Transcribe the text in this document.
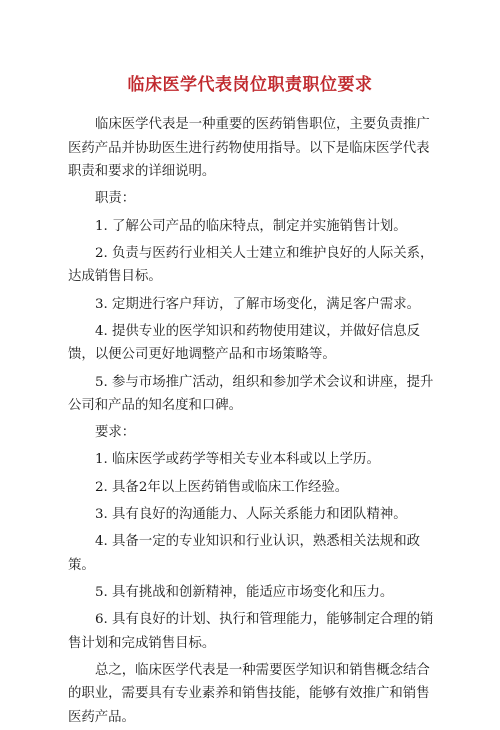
临床医学代表岗位职责职位要求

临床医学代表是一种重要的医药销售职位，主要负责推广医药产品并协助医生进行药物使用指导。以下是临床医学代表职责和要求的详细说明。

职责：

1. 了解公司产品的临床特点，制定并实施销售计划。

2. 负责与医药行业相关人士建立和维护良好的人际关系，达成销售目标。

3. 定期进行客户拜访，了解市场变化，满足客户需求。

4. 提供专业的医学知识和药物使用建议，并做好信息反馈，以便公司更好地调整产品和市场策略等。

5. 参与市场推广活动，组织和参加学术会议和讲座，提升公司和产品的知名度和口碑。

要求：

1. 临床医学或药学等相关专业本科或以上学历。

2. 具备2年以上医药销售或临床工作经验。

3. 具有良好的沟通能力、人际关系能力和团队精神。

4. 具备一定的专业知识和行业认识，熟悉相关法规和政策。

5. 具有挑战和创新精神，能适应市场变化和压力。

6. 具有良好的计划、执行和管理能力，能够制定合理的销售计划和完成销售目标。

总之，临床医学代表是一种需要医学知识和销售概念结合的职业，需要具有专业素养和销售技能，能够有效推广和销售医药产品。
